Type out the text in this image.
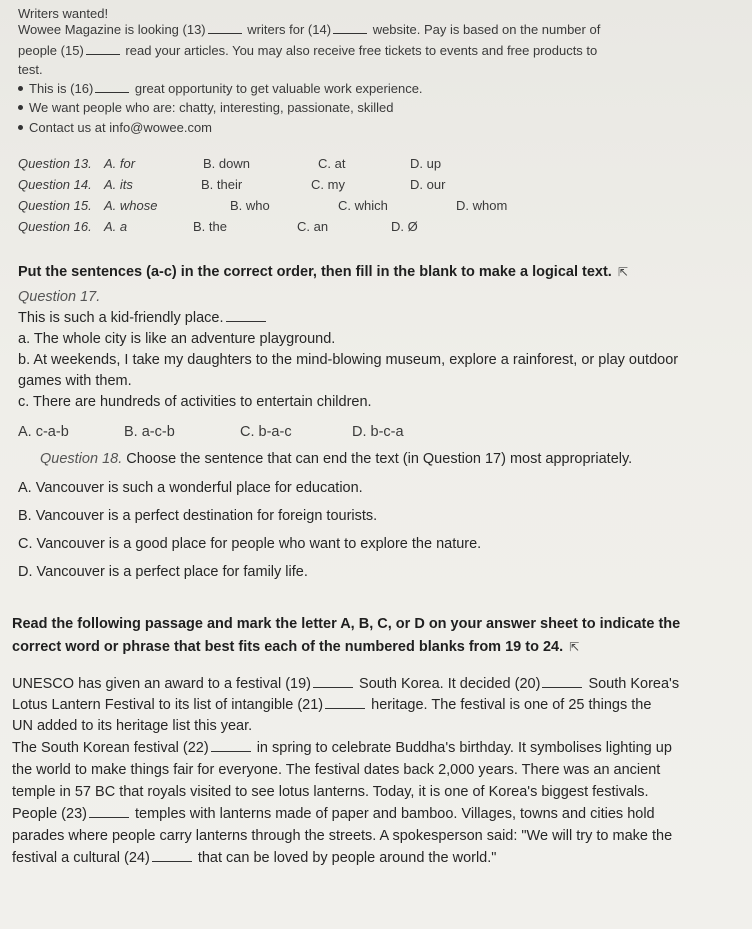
Writers wanted!
Wowee Magazine is looking (13)	writers for (14)	website. Pay is based on the number of
people (15)	read your articles. You may also receive free tickets to events and free products to
test.
This is (16)	great opportunity to get valuable work experience.
We want people who are: chatty, interesting, passionate, skilled
Contact us at info@wowee.com
Question 13. A. for	B. down	C. at	D. up
Question 14. A. its	B. their	C. my	D. our
Question 15. A. whose	B. who	C. which	D. whom
Question 16. A. a	B. the	C. an	D. Ø
Put the sentences (a-c) in the correct order, then fill in the blank to make a logical text. ⇱
Question 17.
This is such a kid-friendly place.
a. The whole city is like an adventure playground.
b. At weekends, I take my daughters to the mind-blowing museum, explore a rainforest, or play outdoor
games with them.
c. There are hundreds of activities to entertain children.
A. c-a-b	B. a-c-b	C. b-a-c	D. b-c-a
Question 18. Choose the sentence that can end the text (in Question 17) most appropriately.
A. Vancouver is such a wonderful place for education.
B. Vancouver is a perfect destination for foreign tourists.
C. Vancouver is a good place for people who want to explore the nature.
D. Vancouver is a perfect place for family life.
Read the following passage and mark the letter A, B, C, or D on your answer sheet to indicate the
correct word or phrase that best fits each of the numbered blanks from 19 to 24. ⇱
UNESCO has given an award to a festival (19)	South Korea. It decided (20)	South Korea's
Lotus Lantern Festival to its list of intangible (21)	heritage. The festival is one of 25 things the
UN added to its heritage list this year.
The South Korean festival (22)	in spring to celebrate Buddha's birthday. It symbolises lighting up
the world to make things fair for everyone. The festival dates back 2,000 years. There was an ancient
temple in 57 BC that royals visited to see lotus lanterns. Today, it is one of Korea's biggest festivals.
People (23)	temples with lanterns made of paper and bamboo. Villages, towns and cities hold
parades where people carry lanterns through the streets. A spokesperson said: "We will try to make the
festival a cultural (24)	that can be loved by people around the world."
